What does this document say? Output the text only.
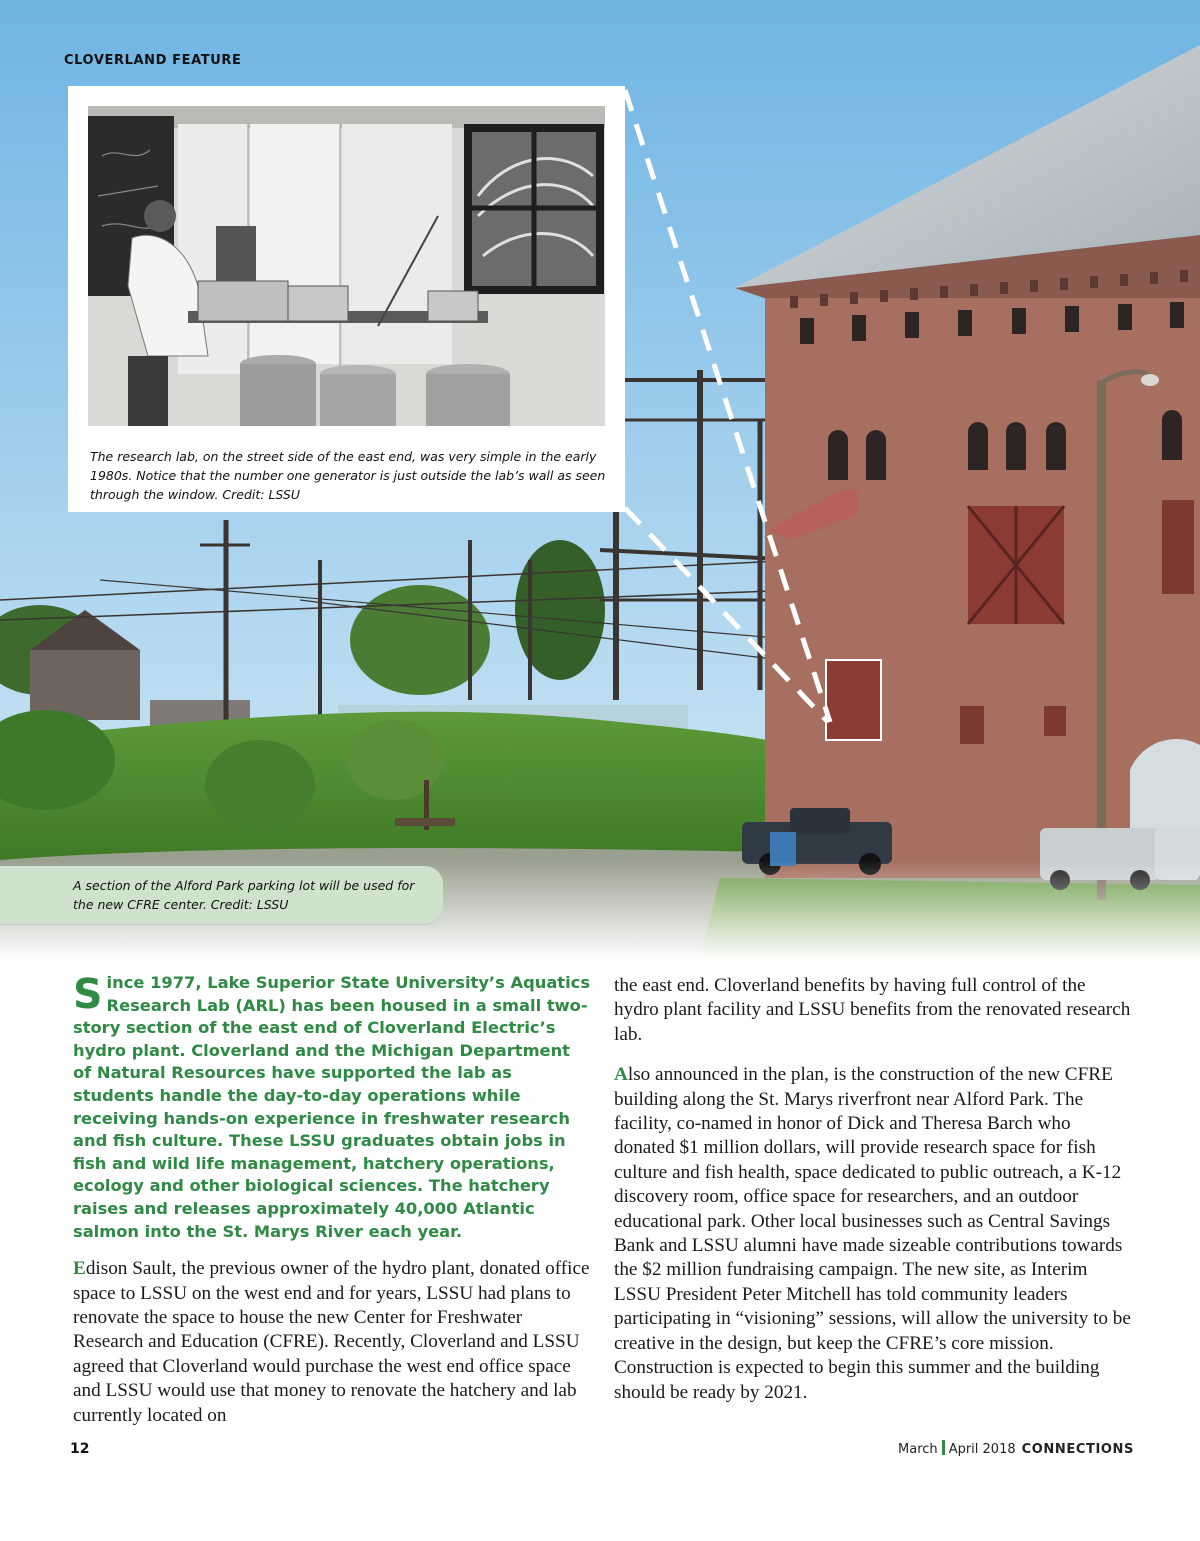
CLOVERLAND FEATURE
The research lab, on the street side of the east end, was very simple in the early 1980s. Notice that the number one generator is just outside the lab’s wall as seen through the window. Credit: LSSU
A section of the Alford Park parking lot will be used for the new CFRE center. Credit: LSSU

Since 1977, Lake Superior State University’s Aquatics Research Lab (ARL) has been housed in a small two-story section of the east end of Cloverland Electric’s hydro plant. Cloverland and the Michigan Department of Natural Resources have supported the lab as students handle the day-to-day operations while receiving hands-on experience in freshwater research and fish culture. These LSSU graduates obtain jobs in fish and wild life management, hatchery operations, ecology and other biological sciences. The hatchery raises and releases approximately 40,000 Atlantic salmon into the St. Marys River each year.

Edison Sault, the previous owner of the hydro plant, donated office space to LSSU on the west end and for years, LSSU had plans to renovate the space to house the new Center for Freshwater Research and Education (CFRE). Recently, Cloverland and LSSU agreed that Cloverland would purchase the west end office space and LSSU would use that money to renovate the hatchery and lab currently located on

the east end. Cloverland benefits by having full control of the hydro plant facility and LSSU benefits from the renovated research lab.

Also announced in the plan, is the construction of the new CFRE building along the St. Marys riverfront near Alford Park. The facility, co-named in honor of Dick and Theresa Barch who donated $1 million dollars, will provide research space for fish culture and fish health, space dedicated to public outreach, a K-12 discovery room, office space for researchers, and an outdoor educational park. Other local businesses such as Central Savings Bank and LSSU alumni have made sizeable contributions towards the $2 million fundraising campaign. The new site, as Interim LSSU President Peter Mitchell has told community leaders participating in “visioning” sessions, will allow the university to be creative in the design, but keep the CFRE’s core mission. Construction is expected to begin this summer and the building should be ready by 2021.

12	March April 2018 CONNECTIONS
